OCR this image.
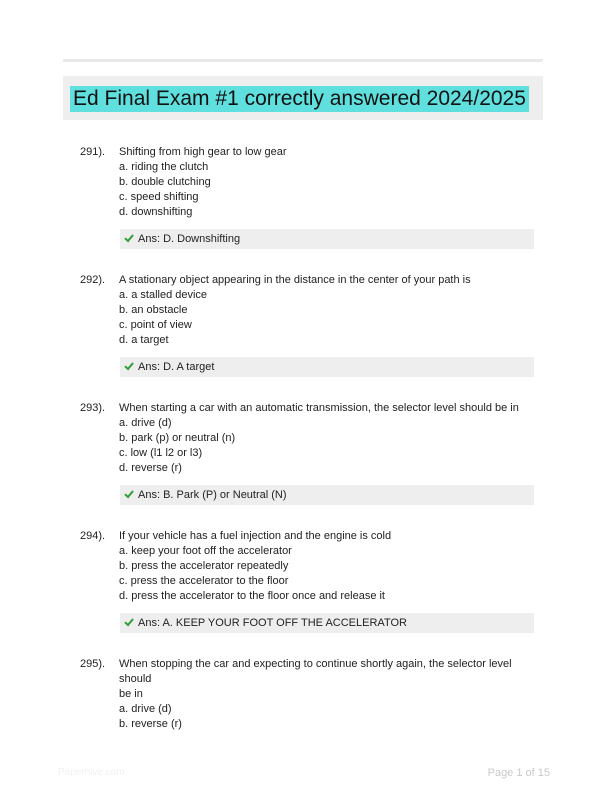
Ed Final Exam #1 correctly answered 2024/2025
291). Shifting from high gear to low gear
a. riding the clutch
b. double clutching
c. speed shifting
d. downshifting
Ans: D. Downshifting
292). A stationary object appearing in the distance in the center of your path is
a. a stalled device
b. an obstacle
c. point of view
d. a target
Ans: D. A target
293). When starting a car with an automatic transmission, the selector level should be in
a. drive (d)
b. park (p) or neutral (n)
c. low (l1 l2 or l3)
d. reverse (r)
Ans: B. Park (P) or Neutral (N)
294). If your vehicle has a fuel injection and the engine is cold
a. keep your foot off the accelerator
b. press the accelerator repeatedly
c. press the accelerator to the floor
d. press the accelerator to the floor once and release it
Ans: A. KEEP YOUR FOOT OFF THE ACCELERATOR
295). When stopping the car and expecting to continue shortly again, the selector level should
be in
a. drive (d)
b. reverse (r)
Paperhive.com	Page 1 of 15
